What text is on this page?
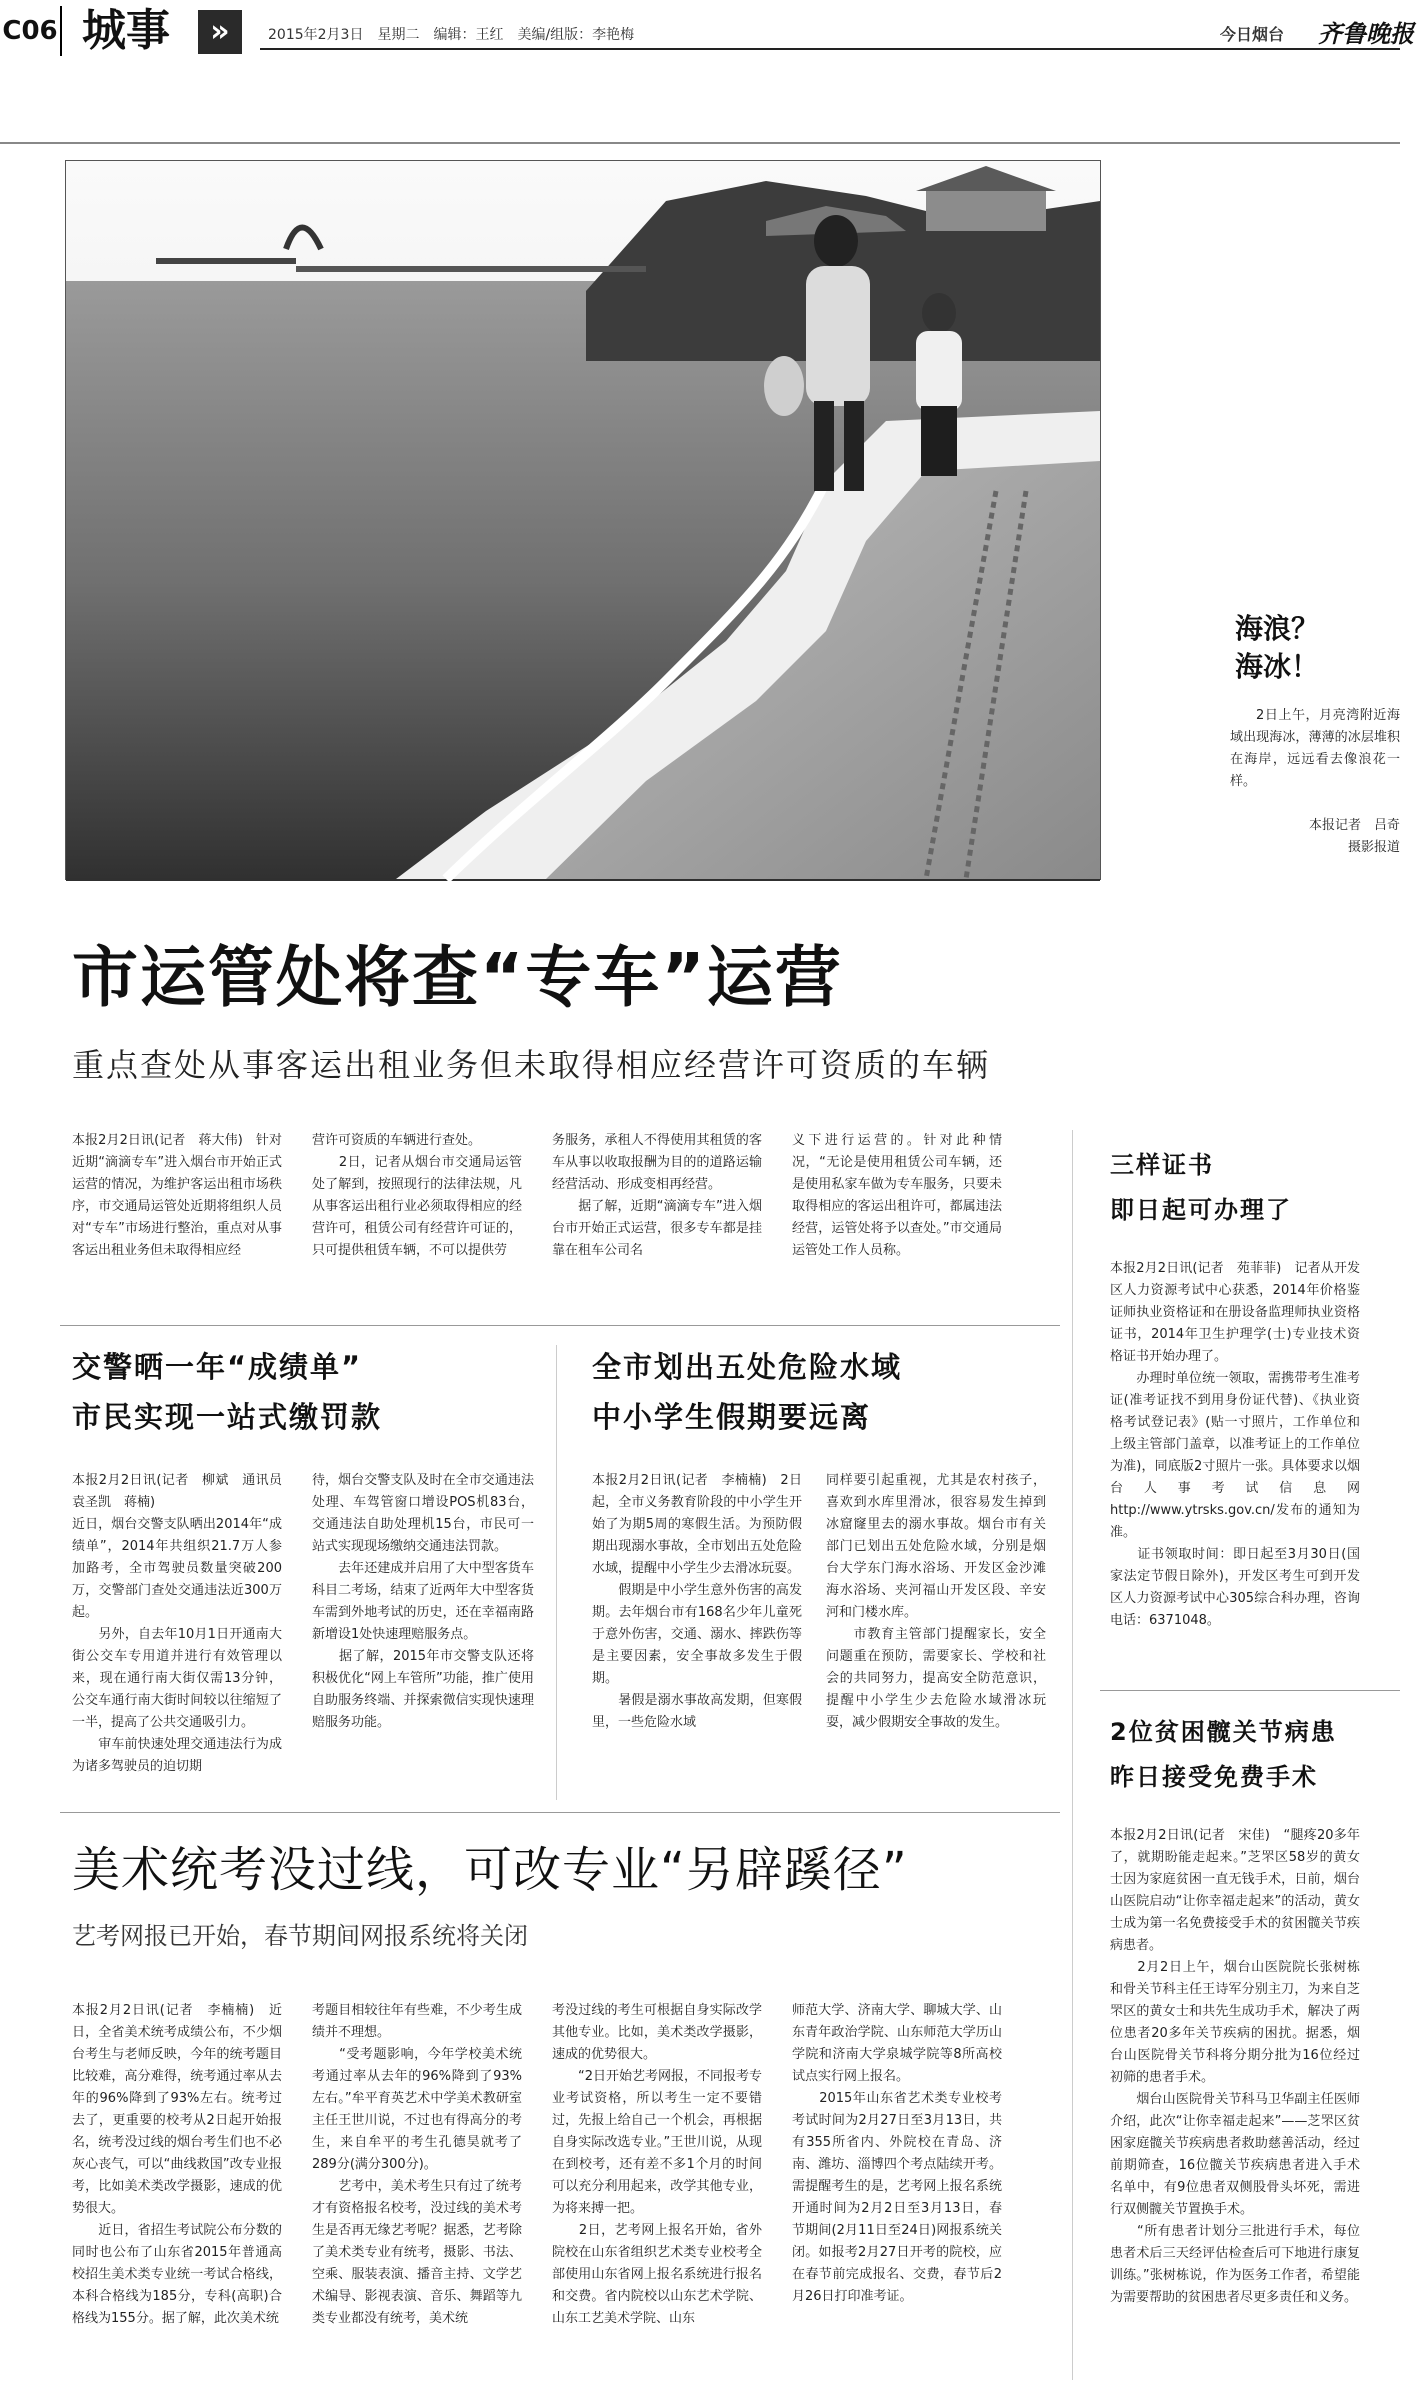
C06 城事	»	2015年2月3日　星期二　编辑：王红　美编/组版：李艳梅	今日烟台 齐鲁晚报
海浪？
海冰！
2日上午，月亮湾附近海域出现海冰，薄薄的冰层堆积在海岸，远远看去像浪花一样。
本报记者　吕奇
摄影报道
市运管处将查“专车”运营
重点查处从事客运出租业务但未取得相应经营许可资质的车辆
本报2月2日讯(记者　蒋大伟)　针对近期“滴滴专车”进入烟台市开始正式运营的情况，为维护客运出租市场秩序，市交通局运管处近期将组织人员对“专车”市场进行整治，重点对从事客运出租业务但未取得相应经
营许可资质的车辆进行查处。
　　2日，记者从烟台市交通局运管处了解到，按照现行的法律法规，凡从事客运出租行业必须取得相应的经营许可，租赁公司有经营许可证的，只可提供租赁车辆，不可以提供劳
务服务，承租人不得使用其租赁的客车从事以收取报酬为目的的道路运输经营活动、形成变相再经营。
　　据了解，近期“滴滴专车”进入烟台市开始正式运营，很多专车都是挂靠在租车公司名
义下进行运营的。针对此种情况，“无论是使用租赁公司车辆，还是使用私家车做为专车服务，只要未取得相应的客运出租许可，都属违法经营，运管处将予以查处。”市交通局运管处工作人员称。
交警晒一年“成绩单”
市民实现一站式缴罚款
本报2月2日讯(记者　柳斌　通讯员　袁圣凯　蒋楠)
近日，烟台交警支队晒出2014年“成绩单”，2014年共组织21.7万人参加路考，全市驾驶员数量突破200万，交警部门查处交通违法近300万起。
　　另外，自去年10月1日开通南大街公交车专用道并进行有效管理以来，现在通行南大街仅需13分钟，公交车通行南大街时间较以往缩短了一半，提高了公共交通吸引力。
　　审车前快速处理交通违法行为成为诸多驾驶员的迫切期
待，烟台交警支队及时在全市交通违法处理、车驾管窗口增设POS机83台，交通违法自助处理机15台，市民可一站式实现现场缴纳交通违法罚款。
　　去年还建成并启用了大中型客货车科目二考场，结束了近两年大中型客货车需到外地考试的历史，还在幸福南路新增设1处快速理赔服务点。
　　据了解，2015年市交警支队还将积极优化“网上车管所”功能，推广使用自助服务终端、并探索微信实现快速理赔服务功能。
全市划出五处危险水域
中小学生假期要远离
本报2月2日讯(记者　李楠楠)　2日起，全市义务教育阶段的中小学生开始了为期5周的寒假生活。为预防假期出现溺水事故，全市划出五处危险水域，提醒中小学生少去滑冰玩耍。
　　假期是中小学生意外伤害的高发期。去年烟台市有168名少年儿童死于意外伤害，交通、溺水、摔跌伤等是主要因素，安全事故多发生于假期。
　　暑假是溺水事故高发期，但寒假里，一些危险水域
同样要引起重视，尤其是农村孩子，喜欢到水库里滑冰，很容易发生掉到冰窟窿里去的溺水事故。烟台市有关部门已划出五处危险水域，分别是烟台大学东门海水浴场、开发区金沙滩海水浴场、夹河福山开发区段、辛安河和门楼水库。
　　市教育主管部门提醒家长，安全问题重在预防，需要家长、学校和社会的共同努力，提高安全防范意识，提醒中小学生少去危险水域滑冰玩耍，减少假期安全事故的发生。
美术统考没过线，可改专业“另辟蹊径”
艺考网报已开始，春节期间网报系统将关闭
本报2月2日讯(记者　李楠楠)　近日，全省美术统考成绩公布，不少烟台考生与老师反映，今年的统考题目比较难，高分难得，统考通过率从去年的96%降到了93%左右。统考过去了，更重要的校考从2日起开始报名，统考没过线的烟台考生们也不必灰心丧气，可以“曲线救国”改专业报考，比如美术类改学摄影，速成的优势很大。
　　近日，省招生考试院公布分数的同时也公布了山东省2015年普通高校招生美术类专业统一考试合格线，本科合格线为185分，专科(高职)合格线为155分。据了解，此次美术统
考题目相较往年有些难，不少考生成绩并不理想。
　　“受考题影响，今年学校美术统考通过率从去年的96%降到了93%左右。”牟平育英艺术中学美术教研室主任王世川说，不过也有得高分的考生，来自牟平的考生孔德昊就考了289分(满分300分)。
　　艺考中，美术考生只有过了统考才有资格报名校考，没过线的美术考生是否再无缘艺考呢？据悉，艺考除了美术类专业有统考，摄影、书法、空乘、服装表演、播音主持、文学艺术编导、影视表演、音乐、舞蹈等九类专业都没有统考，美术统
考没过线的考生可根据自身实际改学其他专业。比如，美术类改学摄影，速成的优势很大。
　　“2日开始艺考网报，不同报考专业考试资格，所以考生一定不要错过，先报上给自己一个机会，再根据自身实际改选专业。”王世川说，从现在到校考，还有差不多1个月的时间可以充分利用起来，改学其他专业，为将来搏一把。
　　2日，艺考网上报名开始，省外院校在山东省组织艺术类专业校考全部使用山东省网上报名系统进行报名和交费。省内院校以山东艺术学院、山东工艺美术学院、山东
师范大学、济南大学、聊城大学、山东青年政治学院、山东师范大学历山学院和济南大学泉城学院等8所高校试点实行网上报名。
　　2015年山东省艺术类专业校考考试时间为2月27日至3月13日，共有355所省内、外院校在青岛、济南、潍坊、淄博四个考点陆续开考。需提醒考生的是，艺考网上报名系统开通时间为2月2日至3月13日，春节期间(2月11日至24日)网报系统关闭。如报考2月27日开考的院校，应在春节前完成报名、交费，春节后2月26日打印准考证。
三样证书
即日起可办理了
本报2月2日讯(记者　苑菲菲)　记者从开发区人力资源考试中心获悉，2014年价格鉴证师执业资格证和在册设备监理师执业资格证书，2014年卫生护理学(士)专业技术资格证书开始办理了。
　　办理时单位统一领取，需携带考生准考证(准考证找不到用身份证代替)、《执业资格考试登记表》(贴一寸照片，工作单位和上级主管部门盖章，以准考证上的工作单位为准)，同底版2寸照片一张。具体要求以烟台人事考试信息网http://www.ytrsks.gov.cn/发布的通知为准。
　　证书领取时间：即日起至3月30日(国家法定节假日除外)，开发区考生可到开发区人力资源考试中心305综合科办理，咨询电话：6371048。
2位贫困髋关节病患
昨日接受免费手术
本报2月2日讯(记者　宋佳)　“腿疼20多年了，就期盼能走起来。”芝罘区58岁的黄女士因为家庭贫困一直无钱手术，日前，烟台山医院启动“让你幸福走起来”的活动，黄女士成为第一名免费接受手术的贫困髋关节疾病患者。
　　2月2日上午，烟台山医院院长张树栋和骨关节科主任王诗军分别主刀，为来自芝罘区的黄女士和共先生成功手术，解决了两位患者20多年关节疾病的困扰。据悉，烟台山医院骨关节科将分期分批为16位经过初筛的患者手术。
　　烟台山医院骨关节科马卫华副主任医师介绍，此次“让你幸福走起来”——芝罘区贫困家庭髋关节疾病患者救助慈善活动，经过前期筛查，16位髋关节疾病患者进入手术名单中，有9位患者双侧股骨头坏死，需进行双侧髋关节置换手术。
　　“所有患者计划分三批进行手术，每位患者术后三天经评估检查后可下地进行康复训练。”张树栋说，作为医务工作者，希望能为需要帮助的贫困患者尽更多责任和义务。
